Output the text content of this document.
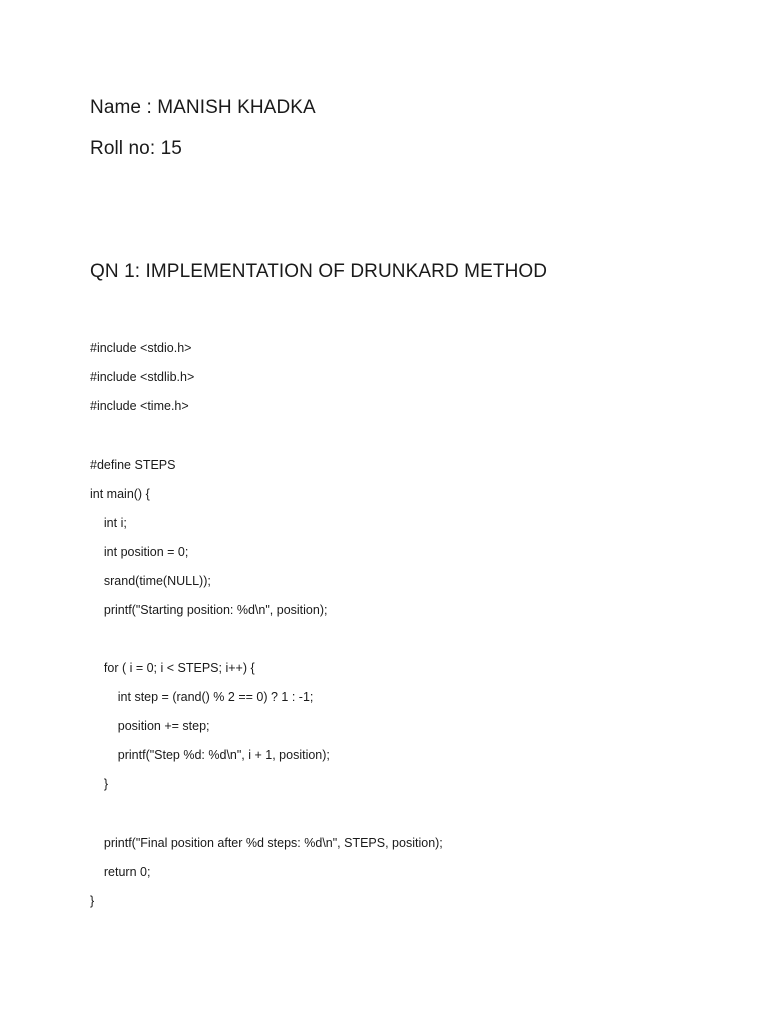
Name : MANISH KHADKA
Roll no: 15
QN 1: IMPLEMENTATION OF DRUNKARD METHOD
#include <stdio.h>
#include <stdlib.h>
#include <time.h>
#define STEPS
int main() {
int i;
int position = 0;
srand(time(NULL));
printf("Starting position: %d\n", position);
for ( i = 0; i < STEPS; i++) {
int step = (rand() % 2 == 0) ? 1 : -1;
position += step;
printf("Step %d: %d\n", i + 1, position);
}
printf("Final position after %d steps: %d\n", STEPS, position);
return 0;
}
